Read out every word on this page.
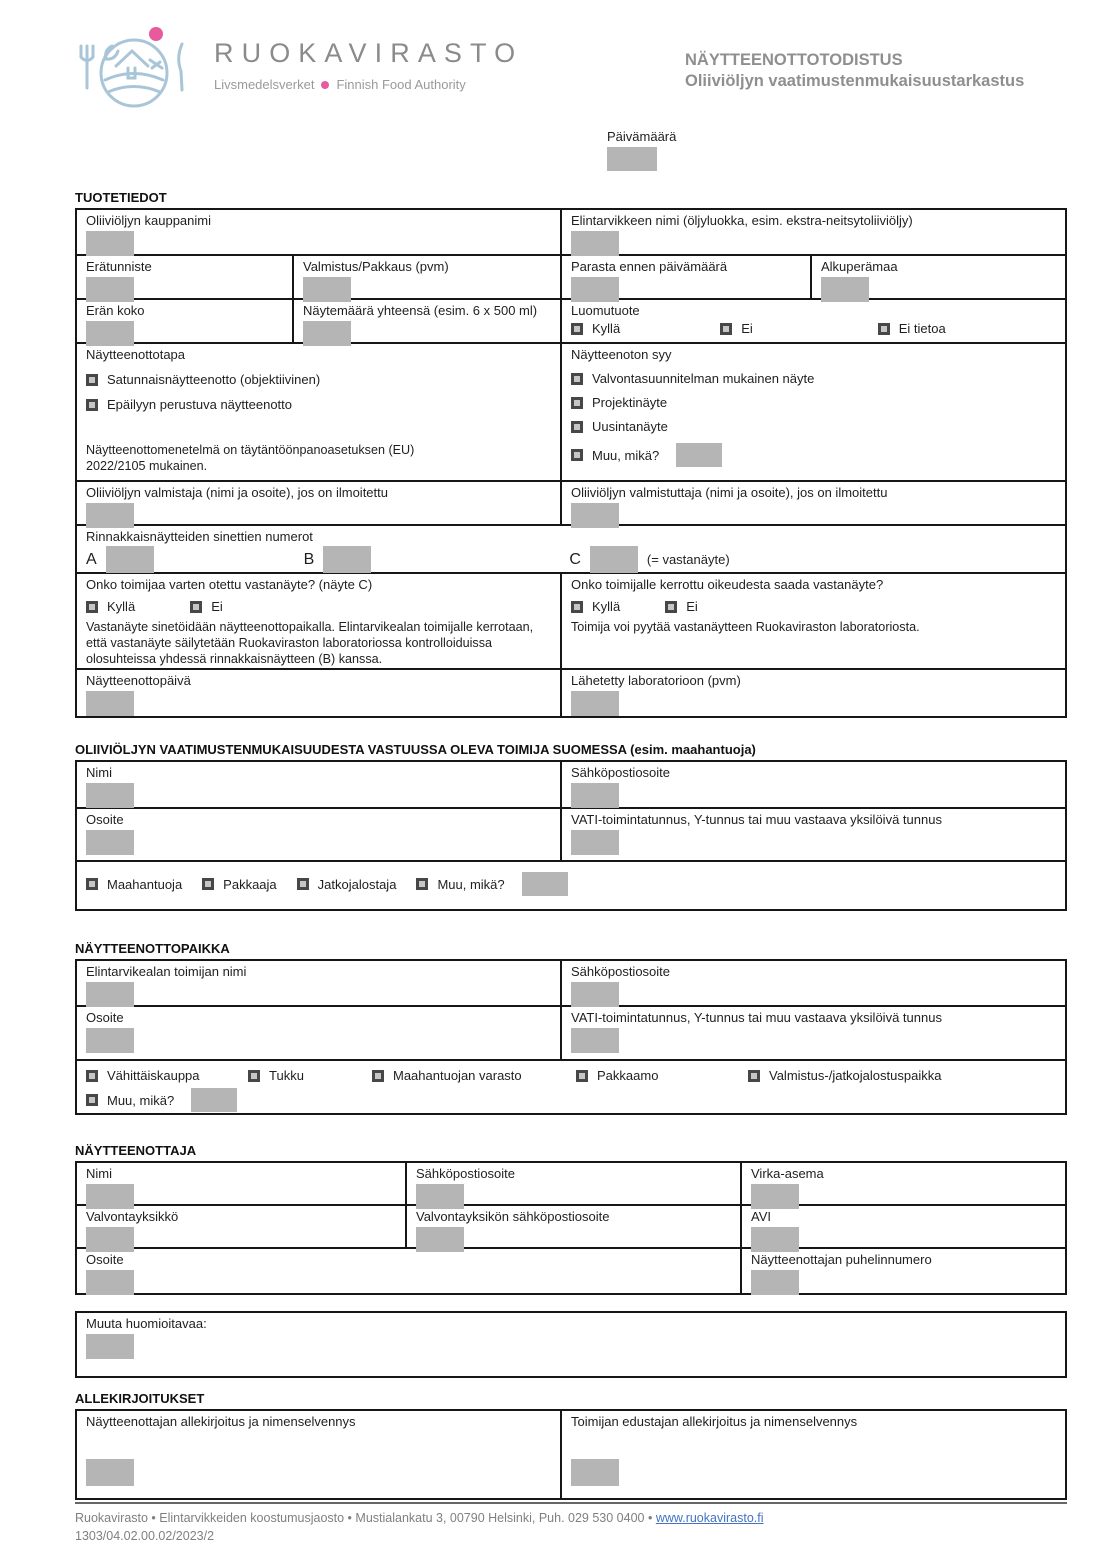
RUOKAVIRASTO
Livsmedelsverket Finnish Food Authority
NÄYTTEENOTTOTODISTUS
Oliiviöljyn vaatimustenmukaisuustarkastus
Päivämäärä
TUOTETIEDOT
Oliiviöljyn kauppanimi	Elintarvikkeen nimi (öljyluokka, esim. ekstra-neitsytoliiviöljy)
Erätunniste	Valmistus/Pakkaus (pvm)	Parasta ennen päivämäärä	Alkuperämaa
Erän koko	Näytemäärä yhteensä (esim. 6 x 500 ml)	Luomutuote
Kyllä	Ei	Ei tietoa
Näytteenottotapa
Satunnaisnäytteenotto (objektiivinen)
Epäilyyn perustuva näytteenotto
Näytteenottomenetelmä on täytäntöönpanoasetuksen (EU) 2022/2105 mukainen.
Näytteenoton syy
Valvontasuunnitelman mukainen näyte
Projektinäyte
Uusintanäyte
Muu, mikä?
Oliiviöljyn valmistaja (nimi ja osoite), jos on ilmoitettu	Oliiviöljyn valmistuttaja (nimi ja osoite), jos on ilmoitettu
Rinnakkaisnäytteiden sinettien numerot
A	B	C	(= vastanäyte)
Onko toimijaa varten otettu vastanäyte? (näyte C)
Kyllä	Ei
Vastanäyte sinetöidään näytteenottopaikalla. Elintarvikealan toimijalle kerrotaan, että vastanäyte säilytetään Ruokaviraston laboratoriossa kontrolloiduissa olosuhteissa yhdessä rinnakkaisnäytteen (B) kanssa.
Onko toimijalle kerrottu oikeudesta saada vastanäyte?
Kyllä	Ei
Toimija voi pyytää vastanäytteen Ruokaviraston laboratoriosta.
Näytteenottopäivä	Lähetetty laboratorioon (pvm)
OLIIVIÖLJYN VAATIMUSTENMUKAISUUDESTA VASTUUSSA OLEVA TOIMIJA SUOMESSA (esim. maahantuoja)
Nimi	Sähköpostiosoite
Osoite	VATI-toimintatunnus, Y-tunnus tai muu vastaava yksilöivä tunnus
Maahantuoja	Pakkaaja	Jatkojalostaja	Muu, mikä?
NÄYTTEENOTTOPAIKKA
Elintarvikealan toimijan nimi	Sähköpostiosoite
Osoite	VATI-toimintatunnus, Y-tunnus tai muu vastaava yksilöivä tunnus
Vähittäiskauppa	Tukku	Maahantuojan varasto	Pakkaamo	Valmistus-/jatkojalostuspaikka
Muu, mikä?
NÄYTTEENOTTAJA
Nimi	Sähköpostiosoite	Virka-asema
Valvontayksikkö	Valvontayksikön sähköpostiosoite	AVI
Osoite	Näytteenottajan puhelinnumero
Muuta huomioitavaa:
ALLEKIRJOITUKSET
Näytteenottajan allekirjoitus ja nimenselvennys	Toimijan edustajan allekirjoitus ja nimenselvennys
Ruokavirasto • Elintarvikkeiden koostumusjaosto • Mustialankatu 3, 00790 Helsinki, Puh. 029 530 0400 • www.ruokavirasto.fi
1303/04.02.00.02/2023/2
